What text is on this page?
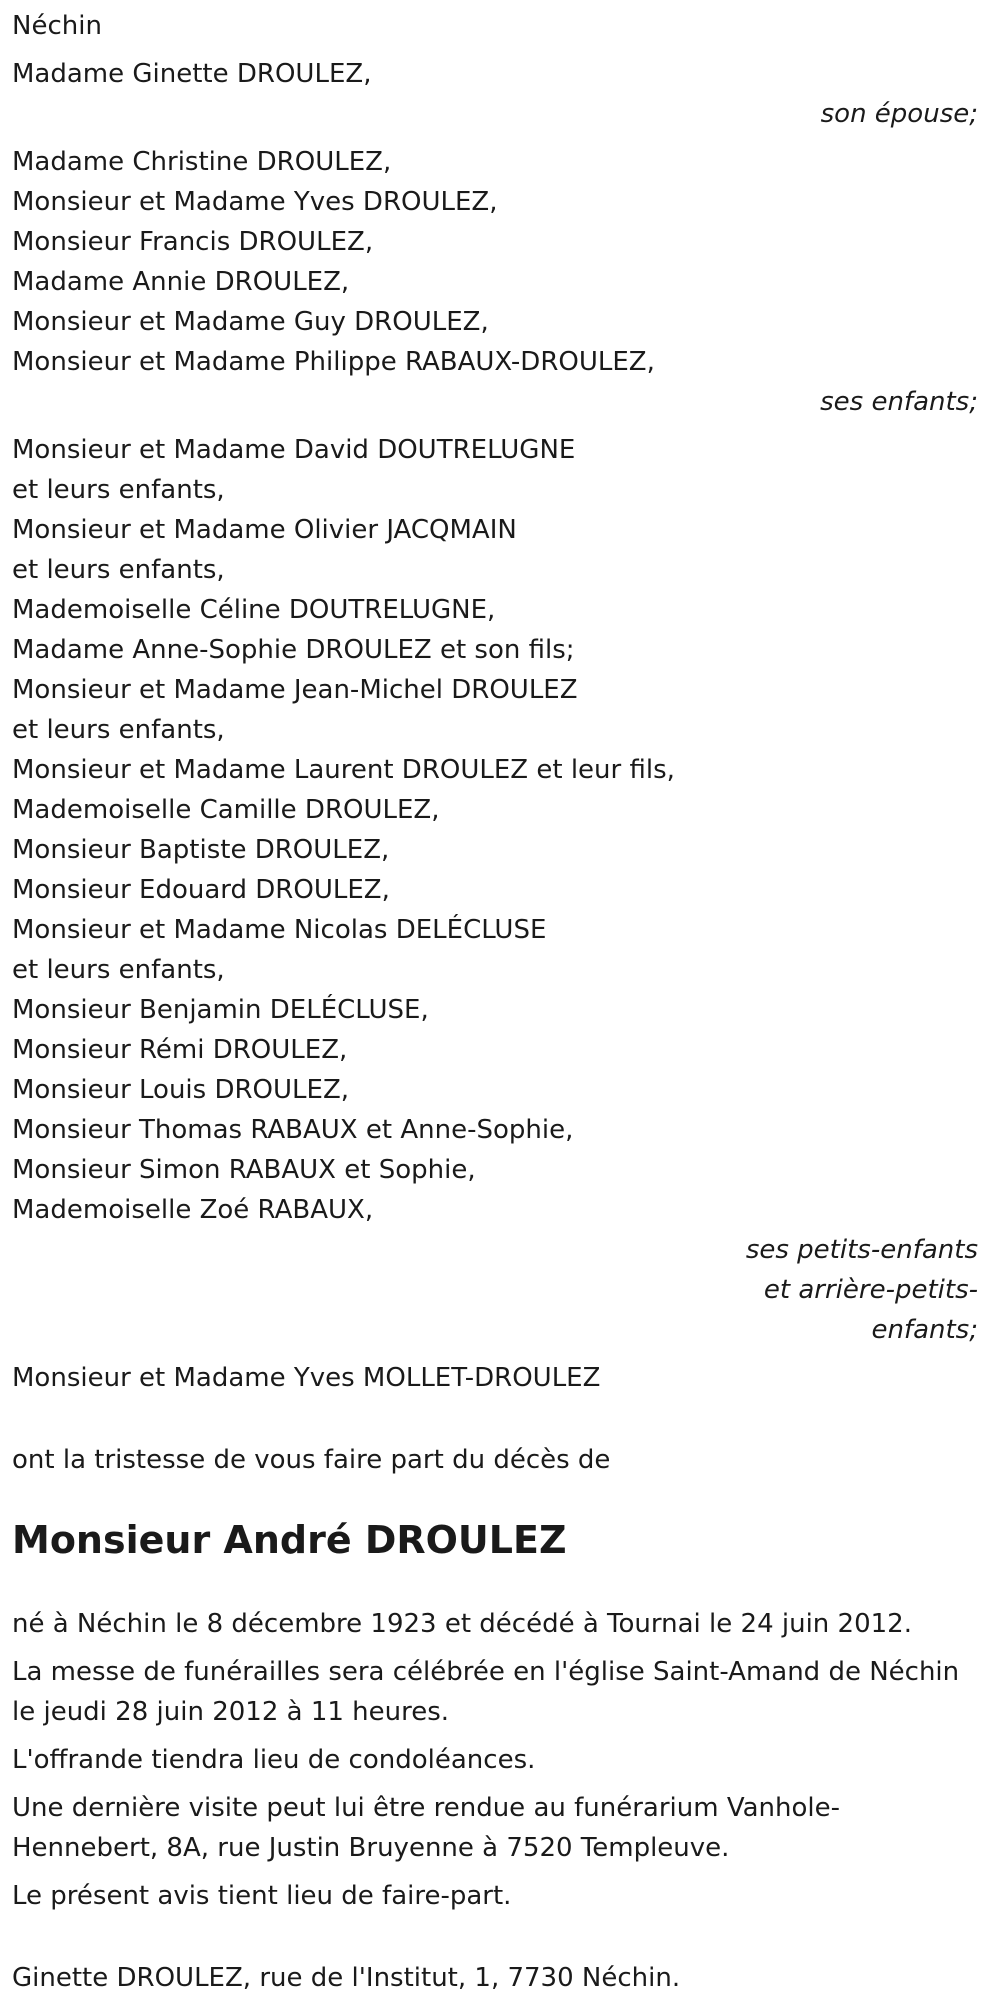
Néchin
Madame Ginette DROULEZ,
son épouse;
Madame Christine DROULEZ,
Monsieur et Madame Yves DROULEZ,
Monsieur Francis DROULEZ,
Madame Annie DROULEZ,
Monsieur et Madame Guy DROULEZ,
Monsieur et Madame Philippe RABAUX-DROULEZ,
ses enfants;
Monsieur et Madame David DOUTRELUGNE
et leurs enfants,
Monsieur et Madame Olivier JACQMAIN
et leurs enfants,
Mademoiselle Céline DOUTRELUGNE,
Madame Anne-Sophie DROULEZ et son fils;
Monsieur et Madame Jean-Michel DROULEZ
et leurs enfants,
Monsieur et Madame Laurent DROULEZ et leur fils,
Mademoiselle Camille DROULEZ,
Monsieur Baptiste DROULEZ,
Monsieur Edouard DROULEZ,
Monsieur et Madame Nicolas DELÉCLUSE
et leurs enfants,
Monsieur Benjamin DELÉCLUSE,
Monsieur Rémi DROULEZ,
Monsieur Louis DROULEZ,
Monsieur Thomas RABAUX et Anne-Sophie,
Monsieur Simon RABAUX et Sophie,
Mademoiselle Zoé RABAUX,
ses petits-enfants
et arrière-petits-
enfants;
Monsieur et Madame Yves MOLLET-DROULEZ
ont la tristesse de vous faire part du décès de
Monsieur André DROULEZ
né à Néchin le 8 décembre 1923 et décédé à Tournai le 24 juin 2012.
La messe de funérailles sera célébrée en l'église Saint-Amand de Néchin
le jeudi 28 juin 2012 à 11 heures.
L'offrande tiendra lieu de condoléances.
Une dernière visite peut lui être rendue au funérarium Vanhole-
Hennebert, 8A, rue Justin Bruyenne à 7520 Templeuve.
Le présent avis tient lieu de faire-part.
Ginette DROULEZ, rue de l'Institut, 1, 7730 Néchin.
